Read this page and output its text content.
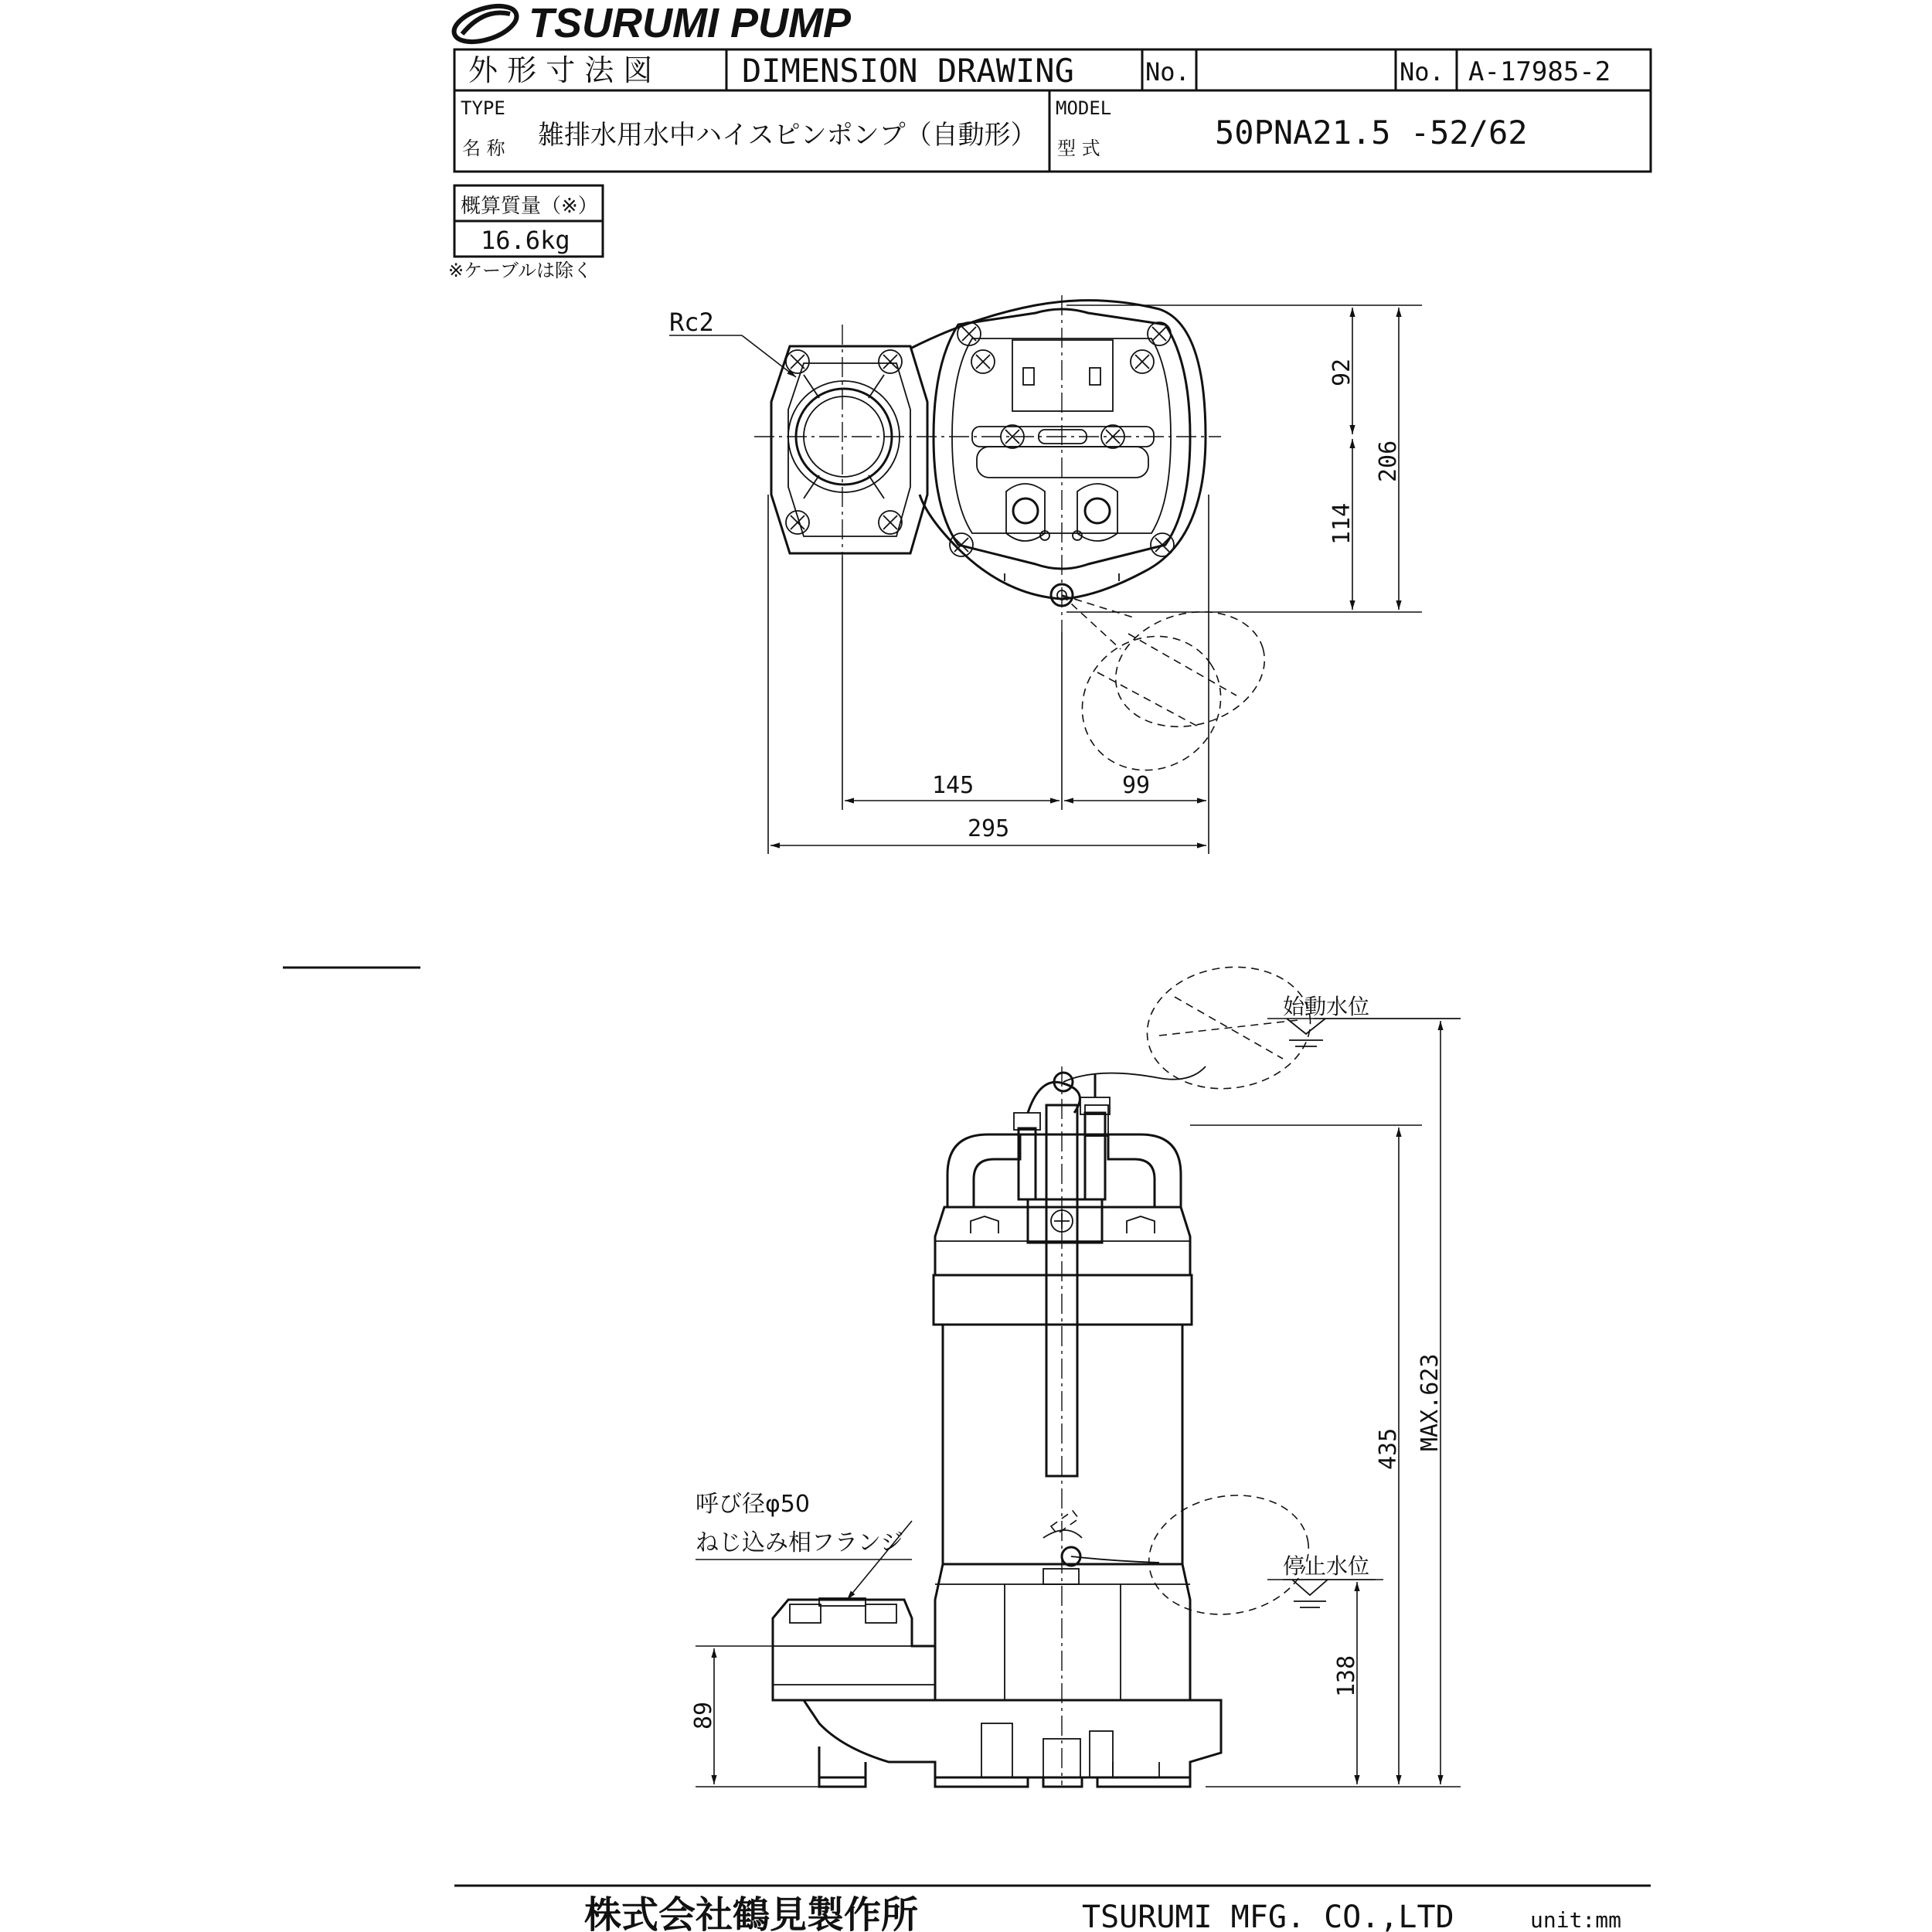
TSURUMI PUMP
外 形 寸 法 図	DIMENSION DRAWING	No.	No. A-17985-2
TYPE
名 称 雑排水用水中ハイスピンポンプ（自動形）
MODEL
型 式	50PNA21.5 -52/62
概算質量（※）
16.6kg
※ケーブルは除く
Rc2
92
114
206
145	99
295
始動水位
停止水位
呼び径φ50
ねじ込み相フランジ
435 MAX.623
138
89
株式会社鶴見製作所	TSURUMI MFG. CO.,LTD	unit:mm
